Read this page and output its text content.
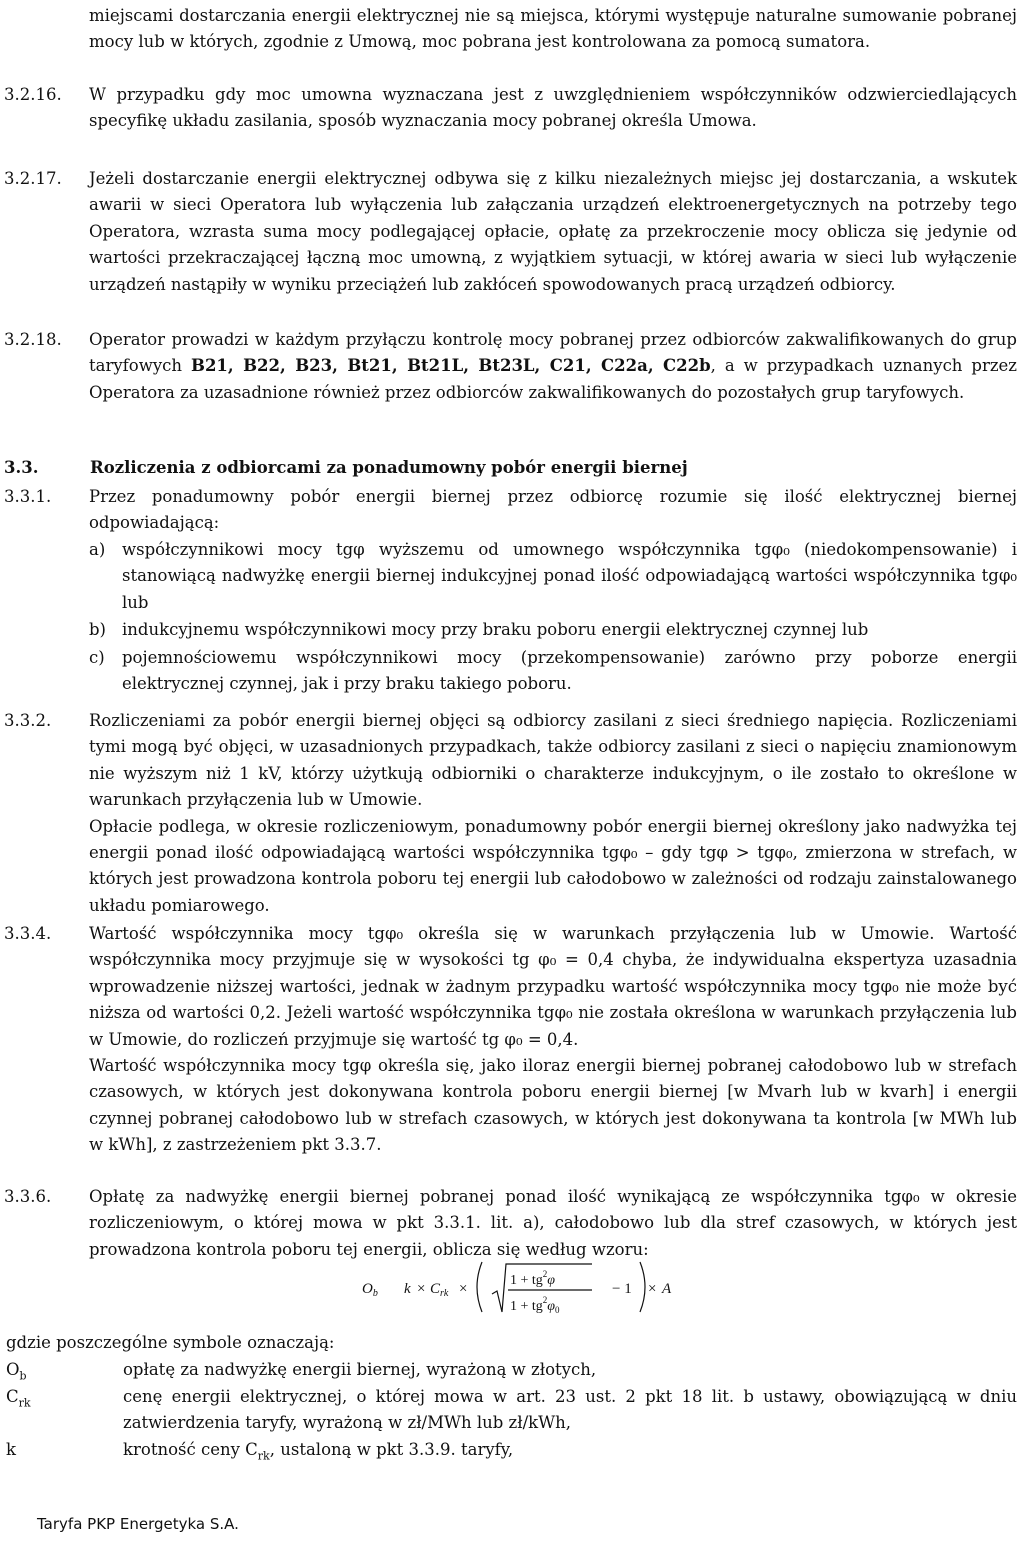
miejscami dostarczania energii elektrycznej nie są miejsca, którymi występuje naturalne sumowanie pobranej mocy lub w których, zgodnie z Umową, moc pobrana jest kontrolowana za pomocą sumatora.

3.2.16.	W przypadku gdy moc umowna wyznaczana jest z uwzględnieniem współczynników odzwierciedlających specyfikę układu zasilania, sposób wyznaczania mocy pobranej określa Umowa.

3.2.17.	Jeżeli dostarczanie energii elektrycznej odbywa się z kilku niezależnych miejsc jej dostarczania, a wskutek awarii w sieci Operatora lub wyłączenia lub załączania urządzeń elektroenergetycznych na potrzeby tego Operatora, wzrasta suma mocy podlegającej opłacie, opłatę za przekroczenie mocy oblicza się jedynie od wartości przekraczającej łączną moc umowną, z wyjątkiem sytuacji, w której awaria w sieci lub wyłączenie urządzeń nastąpiły w wyniku przeciążeń lub zakłóceń spowodowanych pracą urządzeń odbiorcy.

3.2.18.	Operator prowadzi w każdym przyłączu kontrolę mocy pobranej przez odbiorców zakwalifikowanych do grup taryfowych B21, B22, B23, Bt21, Bt21L, Bt23L, C21, C22a, C22b, a w przypadkach uznanych przez Operatora za uzasadnione również przez odbiorców zakwalifikowanych do pozostałych grup taryfowych.

3.3.	Rozliczenia z odbiorcami za ponadumowny pobór energii biernej
3.3.1.	Przez ponadumowny pobór energii biernej przez odbiorcę rozumie się ilość elektrycznej biernej odpowiadającą:

a)	współczynnikowi mocy tgφ wyższemu od umownego współczynnika tgφ₀ (niedokompensowanie) i stanowiącą nadwyżkę energii biernej indukcyjnej ponad ilość odpowiadającą wartości współczynnika tgφ₀ lub
b) indukcyjnemu współczynnikowi mocy przy braku poboru energii elektrycznej czynnej lub
c)	pojemnościowemu współczynnikowi mocy (przekompensowanie) zarówno przy poborze energii elektrycznej czynnej, jak i przy braku takiego poboru.
3.3.2.	Rozliczeniami za pobór energii biernej objęci są odbiorcy zasilani z sieci średniego napięcia. Rozliczeniami tymi mogą być objęci, w uzasadnionych przypadkach, także odbiorcy zasilani z sieci o napięciu znamionowym nie wyższym niż 1 kV, którzy użytkują odbiorniki o charakterze indukcyjnym, o ile zostało to określone w warunkach przyłączenia lub w Umowie.

Opłacie podlega, w okresie rozliczeniowym, ponadumowny pobór energii biernej określony jako nadwyżka tej energii ponad ilość odpowiadającą wartości współczynnika tgφ₀ – gdy tgφ > tgφ₀, zmierzona w strefach, w których jest prowadzona kontrola poboru tej energii lub całodobowo w zależności od rodzaju zainstalowanego układu pomiarowego.

3.3.4.	Wartość współczynnika mocy tgφ₀ określa się w warunkach przyłączenia lub w Umowie. Wartość współczynnika mocy przyjmuje się w wysokości tg φ₀ = 0,4 chyba, że indywidualna ekspertyza uzasadnia wprowadzenie niższej wartości, jednak w żadnym przypadku wartość współczynnika mocy tgφ₀ nie może być niższa od wartości 0,2. Jeżeli wartość współczynnika tgφ₀ nie została określona w warunkach przyłączenia lub w Umowie, do rozliczeń przyjmuje się wartość tg φ₀ = 0,4.

Wartość współczynnika mocy tgφ określa się, jako iloraz energii biernej pobranej całodobowo lub w strefach czasowych, w których jest dokonywana kontrola poboru energii biernej [w Mvarh lub w kvarh] i energii czynnej pobranej całodobowo lub w strefach czasowych, w których jest dokonywana ta kontrola [w MWh lub w kWh], z zastrzeżeniem pkt 3.3.7.

3.3.6.	Opłatę za nadwyżkę energii biernej pobranej ponad ilość wynikającą ze współczynnika tgφ₀ w okresie rozliczeniowym, o której mowa w pkt 3.3.1. lit. a), całodobowo lub dla stref czasowych, w których jest prowadzona kontrola poboru tej energii, oblicza się według wzoru:

$O_b$ $k \times C_{rk}$ ×
$1 + tg^2\varphi$
$1 + tg^2\varphi_0$
− 1 × A

gdzie poszczególne symbole oznaczają:

$O_b$	opłatę za nadwyżkę energii biernej, wyrażoną w złotych,
$C_{rk}$	cenę energii elektrycznej, o której mowa w art. 23 ust. 2 pkt 18 lit. b ustawy, obowiązującą w dniu zatwierdzenia taryfy, wyrażoną w zł/MWh lub zł/kWh,
k	krotność ceny $C_{rk}$, ustaloną w pkt 3.3.9. taryfy,
Taryfa PKP Energetyka S.A.
